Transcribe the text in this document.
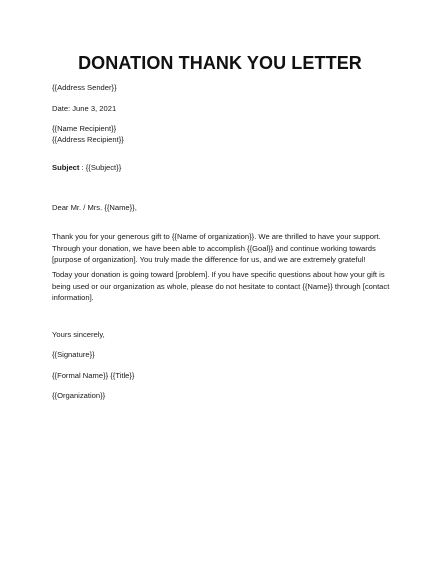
DONATION THANK YOU LETTER
{{Address Sender}}
Date: June 3, 2021
{{Name Recipient}}
{{Address Recipient}}
Subject : {{Subject}}
Dear Mr. / Mrs. {{Name}},
Thank you for your generous gift to {{Name of organization}}. We are thrilled to have your support.
Through your donation, we have been able to accomplish {{Goal}} and continue working towards
[purpose of organization]. You truly made the difference for us, and we are extremely grateful!
Today your donation is going toward [problem]. If you have specific questions about how your gift is
being used or our organization as whole, please do not hesitate to contact {{Name}} through [contact
information].
Yours sincerely,
{{Signature}}
{{Formal Name}} {{Title}}
{{Organization}}
